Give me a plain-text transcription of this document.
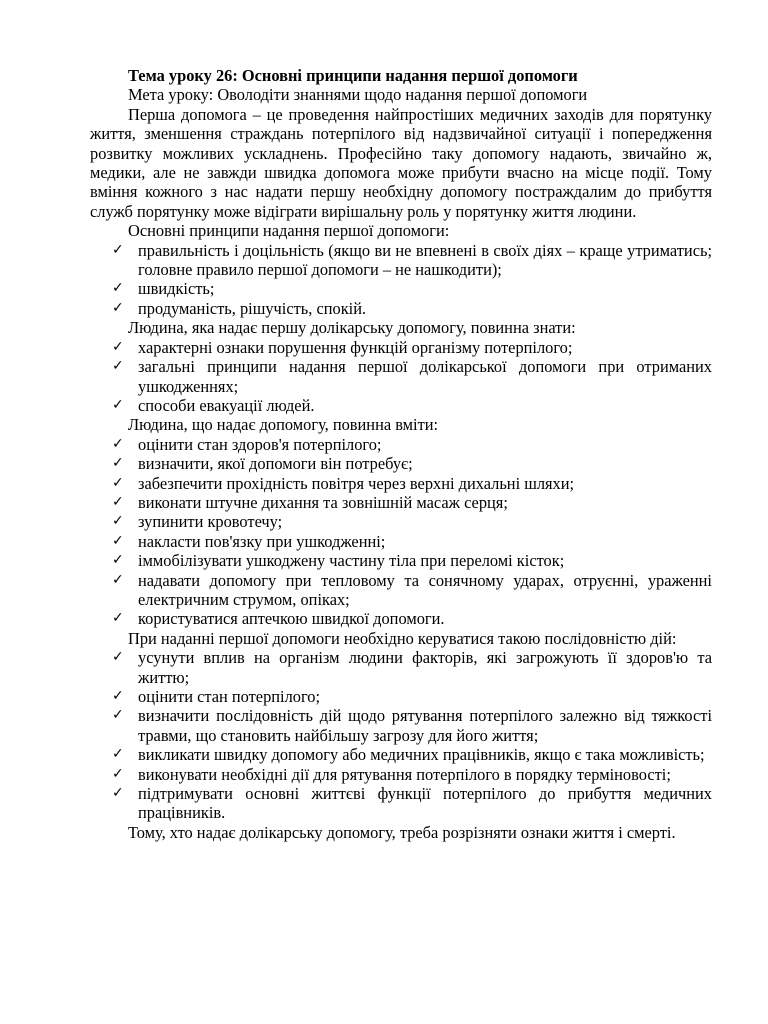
Тема уроку 26: Основні принципи надання першої допомоги

Мета уроку: Оволодіти знаннями щодо надання першої допомоги

Перша допомога – це проведення найпростіших медичних заходів для порятунку життя, зменшення страждань потерпілого від надзвичайної ситуації і попередження розвитку можливих ускладнень. Професійно таку допомогу надають, звичайно ж, медики, але не завжди швидка допомога може прибути вчасно на місце події. Тому вміння кожного з нас надати першу необхідну допомогу постраждалим до прибуття служб порятунку може відіграти вирішальну роль у порятунку життя людини.

Основні принципи надання першої допомоги:

✓ правильність і доцільність (якщо ви не впевнені в своїх діях – краще утриматись; головне правило першої допомоги – не нашкодити);
✓ швидкість;
✓ продуманість, рішучість, спокій.

Людина, яка надає першу долікарську допомогу, повинна знати:

✓ характерні ознаки порушення функцій організму потерпілого;
✓ загальні принципи надання першої долікарської допомоги при отриманих ушкодженнях;
✓ способи евакуації людей.

Людина, що надає допомогу, повинна вміти:

✓ оцінити стан здоров'я потерпілого;
✓ визначити, якої допомоги він потребує;
✓ забезпечити прохідність повітря через верхні дихальні шляхи;
✓ виконати штучне дихання та зовнішній масаж серця;
✓ зупинити кровотечу;
✓ накласти пов'язку при ушкодженні;
✓ іммобілізувати ушкоджену частину тіла при переломі кісток;
✓ надавати допомогу при тепловому та сонячному ударах, отруєнні, ураженні електричним струмом, опіках;
✓ користуватися аптечкою швидкої допомоги.

При наданні першої допомоги необхідно керуватися такою послідовністю дій:

✓ усунути вплив на організм людини факторів, які загрожують її здоров'ю та життю;
✓ оцінити стан потерпілого;
✓ визначити послідовність дій щодо рятування потерпілого залежно від тяжкості травми, що становить найбільшу загрозу для його життя;
✓ викликати швидку допомогу або медичних працівників, якщо є така можливість;
✓ виконувати необхідні дії для рятування потерпілого в порядку терміновості;
✓ підтримувати основні життєві функції потерпілого до прибуття медичних працівників.

Тому, хто надає долікарську допомогу, треба розрізняти ознаки життя і смерті.
